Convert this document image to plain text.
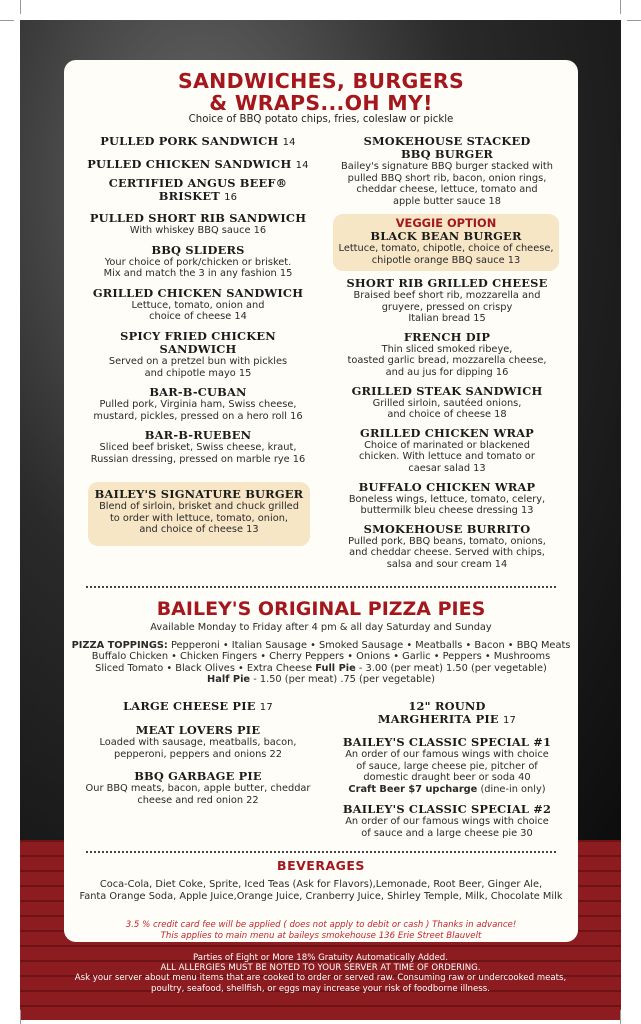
SANDWICHES, BURGERS
& WRAPS...OH MY!
Choice of BBQ potato chips, fries, coleslaw or pickle
PULLED PORK SANDWICH 14
PULLED CHICKEN SANDWICH 14
CERTIFIED ANGUS BEEF®
BRISKET 16
PULLED SHORT RIB SANDWICH
With whiskey BBQ sauce 16
BBQ SLIDERS
Your choice of pork/chicken or brisket.
Mix and match the 3 in any fashion 15
GRILLED CHICKEN SANDWICH
Lettuce, tomato, onion and
choice of cheese 14
SPICY FRIED CHICKEN SANDWICH
Served on a pretzel bun with pickles
and chipotle mayo 15
BAR-B-CUBAN
Pulled pork, Virginia ham, Swiss cheese,
mustard, pickles, pressed on a hero roll 16
BAR-B-RUEBEN
Sliced beef brisket, Swiss cheese, kraut,
Russian dressing, pressed on marble rye 16
BAILEY'S SIGNATURE BURGER
Blend of sirloin, brisket and chuck grilled
to order with lettuce, tomato, onion,
and choice of cheese 13
SMOKEHOUSE STACKED
BBQ BURGER
Bailey's signature BBQ burger stacked with
pulled BBQ short rib, bacon, onion rings,
cheddar cheese, lettuce, tomato and
apple butter sauce 18
VEGGIE OPTION
BLACK BEAN BURGER
Lettuce, tomato, chipotle, choice of cheese,
chipotle orange BBQ sauce 13
SHORT RIB GRILLED CHEESE
Braised beef short rib, mozzarella and
gruyere, pressed on crispy
Italian bread 15
FRENCH DIP
Thin sliced smoked ribeye,
toasted garlic bread, mozzarella cheese,
and au jus for dipping 16
GRILLED STEAK SANDWICH
Grilled sirloin, sautéed onions,
and choice of cheese 18
GRILLED CHICKEN WRAP
Choice of marinated or blackened
chicken. With lettuce and tomato or
caesar salad 13
BUFFALO CHICKEN WRAP
Boneless wings, lettuce, tomato, celery,
buttermilk bleu cheese dressing 13
SMOKEHOUSE BURRITO
Pulled pork, BBQ beans, tomato, onions,
and cheddar cheese. Served with chips,
salsa and sour cream 14
BAILEY'S ORIGINAL PIZZA PIES
Available Monday to Friday after 4 pm & all day Saturday and Sunday
PIZZA TOPPINGS: Pepperoni • Italian Sausage • Smoked Sausage • Meatballs • Bacon • BBQ Meats
Buffalo Chicken • Chicken Fingers • Cherry Peppers • Onions • Garlic • Peppers • Mushrooms
Sliced Tomato • Black Olives • Extra Cheese Full Pie - 3.00 (per meat) 1.50 (per vegetable)
Half Pie - 1.50 (per meat) .75 (per vegetable)
LARGE CHEESE PIE 17
MEAT LOVERS PIE
Loaded with sausage, meatballs, bacon,
pepperoni, peppers and onions 22
BBQ GARBAGE PIE
Our BBQ meats, bacon, apple butter, cheddar
cheese and red onion 22
12" ROUND
MARGHERITA PIE 17
BAILEY'S CLASSIC SPECIAL #1
An order of our famous wings with choice
of sauce, large cheese pie, pitcher of
domestic draught beer or soda 40
Craft Beer $7 upcharge (dine-in only)
BAILEY'S CLASSIC SPECIAL #2
An order of our famous wings with choice
of sauce and a large cheese pie 30
BEVERAGES
Coca-Cola, Diet Coke, Sprite, Iced Teas (Ask for Flavors),Lemonade, Root Beer, Ginger Ale,
Fanta Orange Soda, Apple Juice,Orange Juice, Cranberry Juice, Shirley Temple, Milk, Chocolate Milk
3.5 % credit card fee will be applied ( does not apply to debit or cash ) Thanks in advance!
This applies to main menu at baileys smokehouse 136 Erie Street Blauvelt
Parties of Eight or More 18% Gratuity Automatically Added.
ALL ALLERGIES MUST BE NOTED TO YOUR SERVER AT TIME OF ORDERING.
Ask your server about menu items that are cooked to order or served raw. Consuming raw or undercooked meats,
poultry, seafood, shellfish, or eggs may increase your risk of foodborne illness.
